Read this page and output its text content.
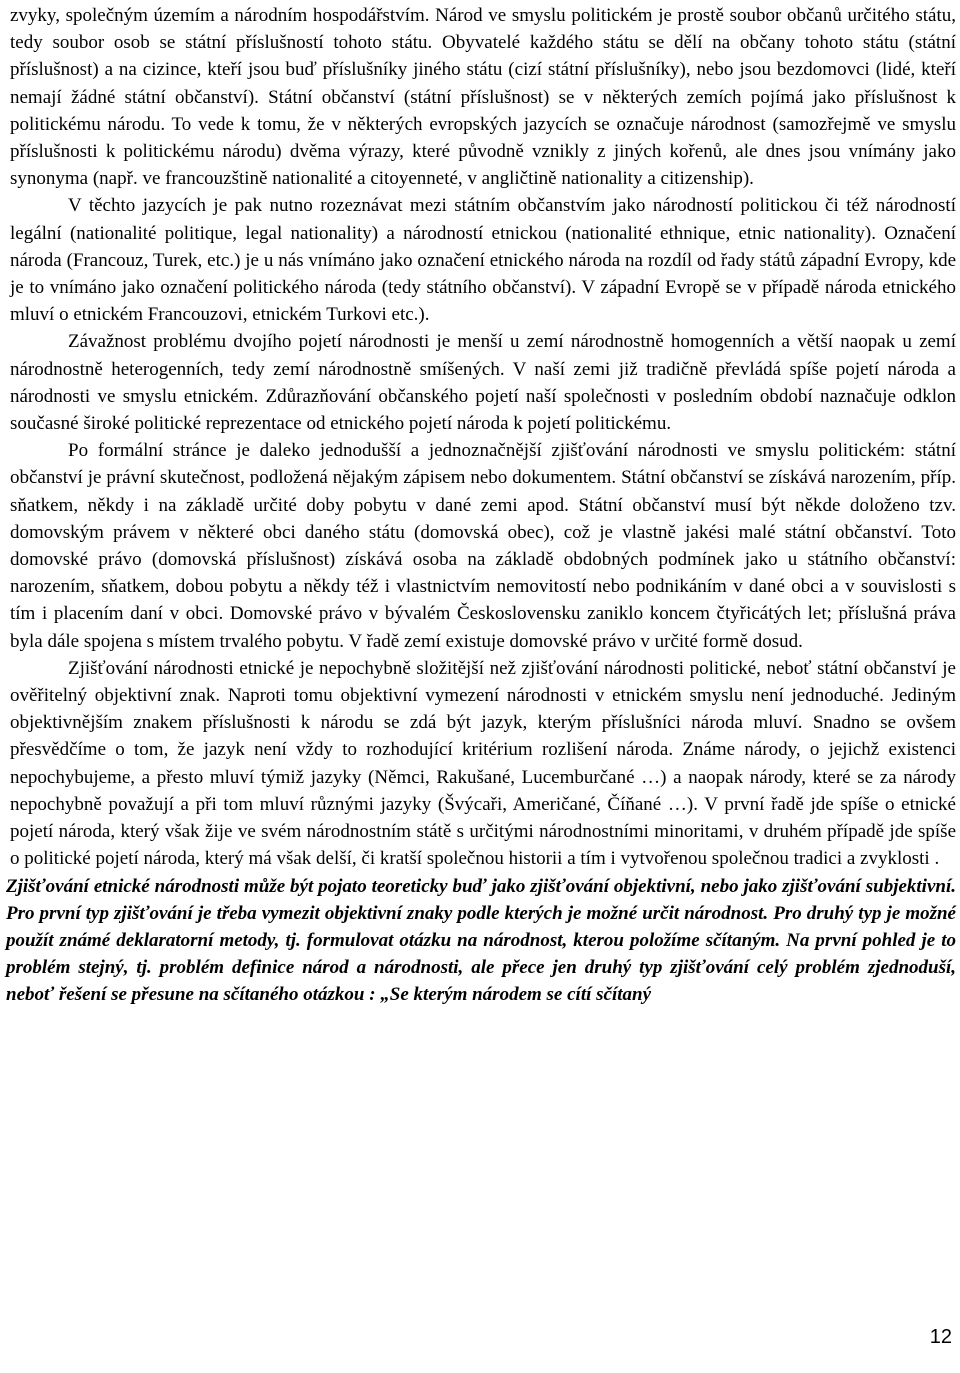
zvyky, společným územím a národním hospodářstvím. Národ ve smyslu politickém je prostě soubor občanů určitého státu, tedy soubor osob se státní příslušností tohoto státu. Obyvatelé každého státu se dělí na občany tohoto státu (státní příslušnost) a na cizince, kteří jsou buď příslušníky jiného státu (cizí státní příslušníky), nebo jsou bezdomovci (lidé, kteří nemají žádné státní občanství). Státní občanství (státní příslušnost) se v některých zemích pojímá jako příslušnost k politickému národu. To vede k tomu, že v některých evropských jazycích se označuje národnost (samozřejmě ve smyslu příslušnosti k politickému národu) dvěma výrazy, které původně vznikly z jiných kořenů, ale dnes jsou vnímány jako synonyma (např. ve francouzštině nationalité a citoyenneté, v angličtině nationality a citizenship).

V těchto jazycích je pak nutno rozeznávat mezi státním občanstvím jako národností politickou či též národností legální (nationalité politique, legal nationality) a národností etnickou (nationalité ethnique, etnic nationality). Označení národa (Francouz, Turek, etc.) je u nás vnímáno jako označení etnického národa na rozdíl od řady států západní Evropy, kde je to vnímáno jako označení politického národa (tedy státního občanství). V západní Evropě se v případě národa etnického mluví o etnickém Francouzovi, etnickém Turkovi etc.).

Závažnost problému dvojího pojetí národnosti je menší u zemí národnostně homogenních a větší naopak u zemí národnostně heterogenních, tedy zemí národnostně smíšených. V naší zemi již tradičně převládá spíše pojetí národa a národnosti ve smyslu etnickém. Zdůrazňování občanského pojetí naší společnosti v posledním období naznačuje odklon současné široké politické reprezentace od etnického pojetí národa k pojetí politickému.

Po formální stránce je daleko jednodušší a jednoznačnější zjišťování národnosti ve smyslu politickém: státní občanství je právní skutečnost, podložená nějakým zápisem nebo dokumentem. Státní občanství se získává narozením, příp. sňatkem, někdy i na základě určité doby pobytu v dané zemi apod. Státní občanství musí být někde doloženo tzv. domovským právem v některé obci daného státu (domovská obec), což je vlastně jakési malé státní občanství. Toto domovské právo (domovská příslušnost) získává osoba na základě obdobných podmínek jako u státního občanství: narozením, sňatkem, dobou pobytu a někdy též i vlastnictvím nemovitostí nebo podnikáním v dané obci a v souvislosti s tím i placením daní v obci. Domovské právo v bývalém Československu zaniklo koncem čtyřicátých let; příslušná práva byla dále spojena s místem trvalého pobytu. V řadě zemí existuje domovské právo v určité formě dosud.

Zjišťování národnosti etnické je nepochybně složitější než zjišťování národnosti politické, neboť státní občanství je ověřitelný objektivní znak. Naproti tomu objektivní vymezení národnosti v etnickém smyslu není jednoduché. Jediným objektivnějším znakem příslušnosti k národu se zdá být jazyk, kterým příslušníci národa mluví. Snadno se ovšem přesvědčíme o tom, že jazyk není vždy to rozhodující kritérium rozlišení národa. Známe národy, o jejichž existenci nepochybujeme, a přesto mluví týmiž jazyky (Němci, Rakušané, Lucemburčané …) a naopak národy, které se za národy nepochybně považují a při tom mluví různými jazyky (Švýcaři, Američané, Číňané …). V první řadě jde spíše o etnické pojetí národa, který však žije ve svém národnostním státě s určitými národnostními minoritami, v druhém případě jde spíše o politické pojetí národa, který má však delší, či kratší společnou historii a tím i vytvořenou společnou tradici a zvyklosti .

Zjišťování etnické národnosti může být pojato teoreticky buď jako zjišťování objektivní, nebo jako zjišťování subjektivní. Pro první typ zjišťování je třeba vymezit objektivní znaky podle kterých je možné určit národnost. Pro druhý typ je možné použít známé deklaratorní metody, tj. formulovat otázku na národnost, kterou položíme sčítaným. Na první pohled je to problém stejný, tj. problém definice národ a národnosti, ale přece jen druhý typ zjišťování celý problém zjednoduší, neboť řešení se přesune na sčítaného otázkou : „Se kterým národem se cítí sčítaný

12
